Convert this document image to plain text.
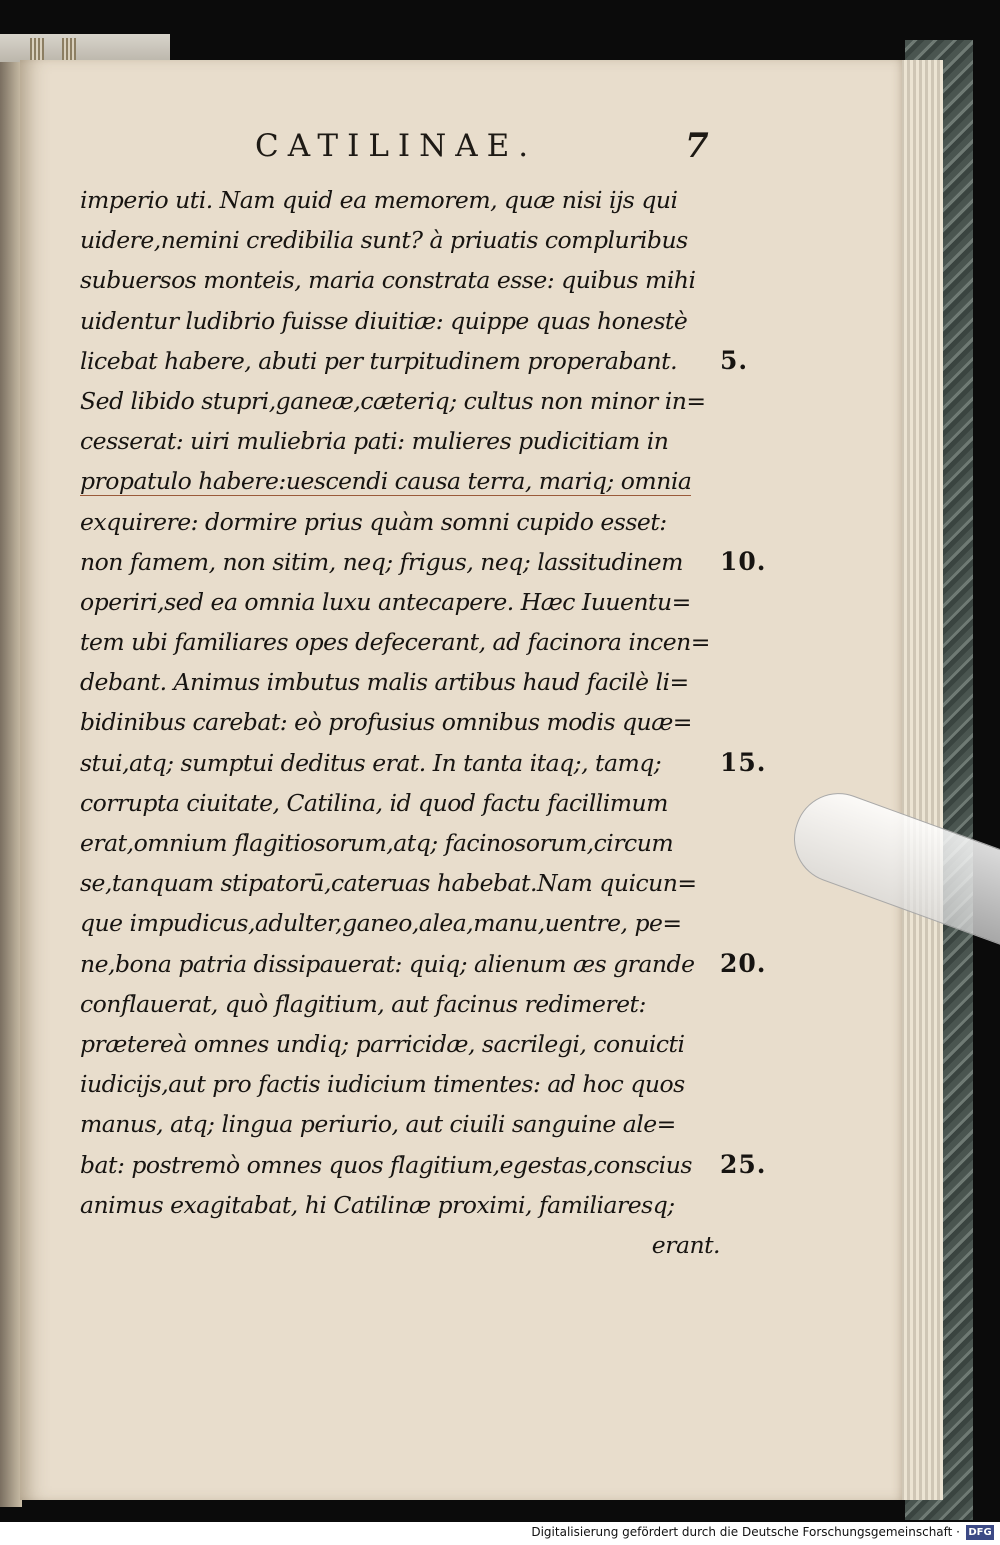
CATILINAE.	7
imperio uti. Nam quid ea memorem, quæ nisi ijs qui
uidere,nemini credibilia sunt? à priuatis compluribus
subuersos monteis, maria constrata esse: quibus mihi
uidentur ludibrio fuisse diuitiæ: quippe quas honestè
licebat habere, abuti per turpitudinem properabant. 5.
Sed libido stupri,ganeæ,cæteriq; cultus non minor in=
cesserat: uiri muliebria pati: mulieres pudicitiam in
propatulo habere:uescendi causa terra, mariq; omnia
exquirere: dormire prius quàm somni cupido esset:
non famem, non sitim, neq; frigus, neq; lassitudinem 10.
operiri,sed ea omnia luxu antecapere. Hæc Iuuentu=
tem ubi familiares opes defecerant, ad facinora incen=
debant. Animus imbutus malis artibus haud facilè li=
bidinibus carebat: eò profusius omnibus modis quæ=
stui,atq; sumptui deditus erat. In tanta itaq;, tamq; 15.
corrupta ciuitate, Catilina, id quod factu facillimum
erat,omnium flagitiosorum,atq; facinosorum,circum
se,tanquam stipatorū,cateruas habebat.Nam quicun=
que impudicus,adulter,ganeo,alea,manu,uentre, pe=
ne,bona patria dissipauerat: quiq; alienum æs grande 20.
conflauerat, quò flagitium, aut facinus redimeret:
prætereà omnes undiq; parricidæ, sacrilegi, conuicti
iudicijs,aut pro factis iudicium timentes: ad hoc quos
manus, atq; lingua periurio, aut ciuili sanguine ale=
bat: postremò omnes quos flagitium,egestas,conscius 25.
animus exagitabat, hi Catilinæ proximi, familiaresq;
erant.
Digitalisierung gefördert durch die Deutsche Forschungsgemeinschaft · DFG
